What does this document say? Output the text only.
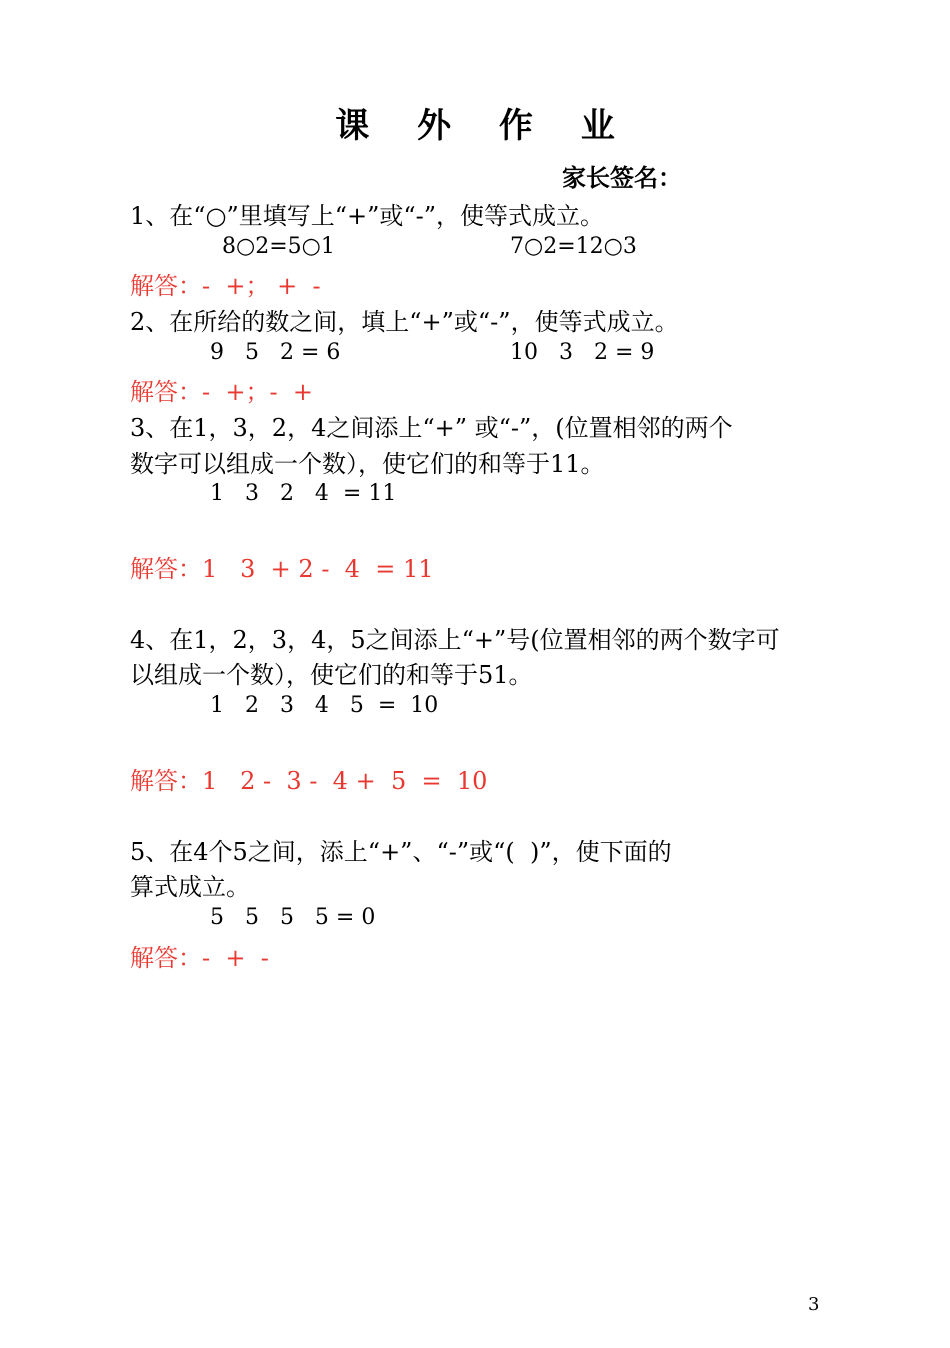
课 外 作 业
家长签名：
1、在“○”里填写上“+”或“-”，使等式成立。
8○2=5○1	7○2=12○3
解答：-  +； +  -
2、在所给的数之间，填上“+”或“-”，使等式成立。
9   5   2 = 6	10   3   2 = 9
解答：-  +；-  +
3、在1，3，2，4之间添上“+” 或“-”，(位置相邻的两个
数字可以组成一个数），使它们的和等于11。
1   3   2   4  = 11
解答：1   3  + 2 -  4  = 11
4、在1，2，3，4，5之间添上“+”号(位置相邻的两个数字可
以组成一个数），使它们的和等于51。
1   2   3   4   5  =  10
解答：1   2 -  3 -  4 +  5  =  10
5、在4个5之间，添上“+”、“-”或“(  )”，使下面的
算式成立。
5   5   5   5 = 0
解答：-  +  -
3
